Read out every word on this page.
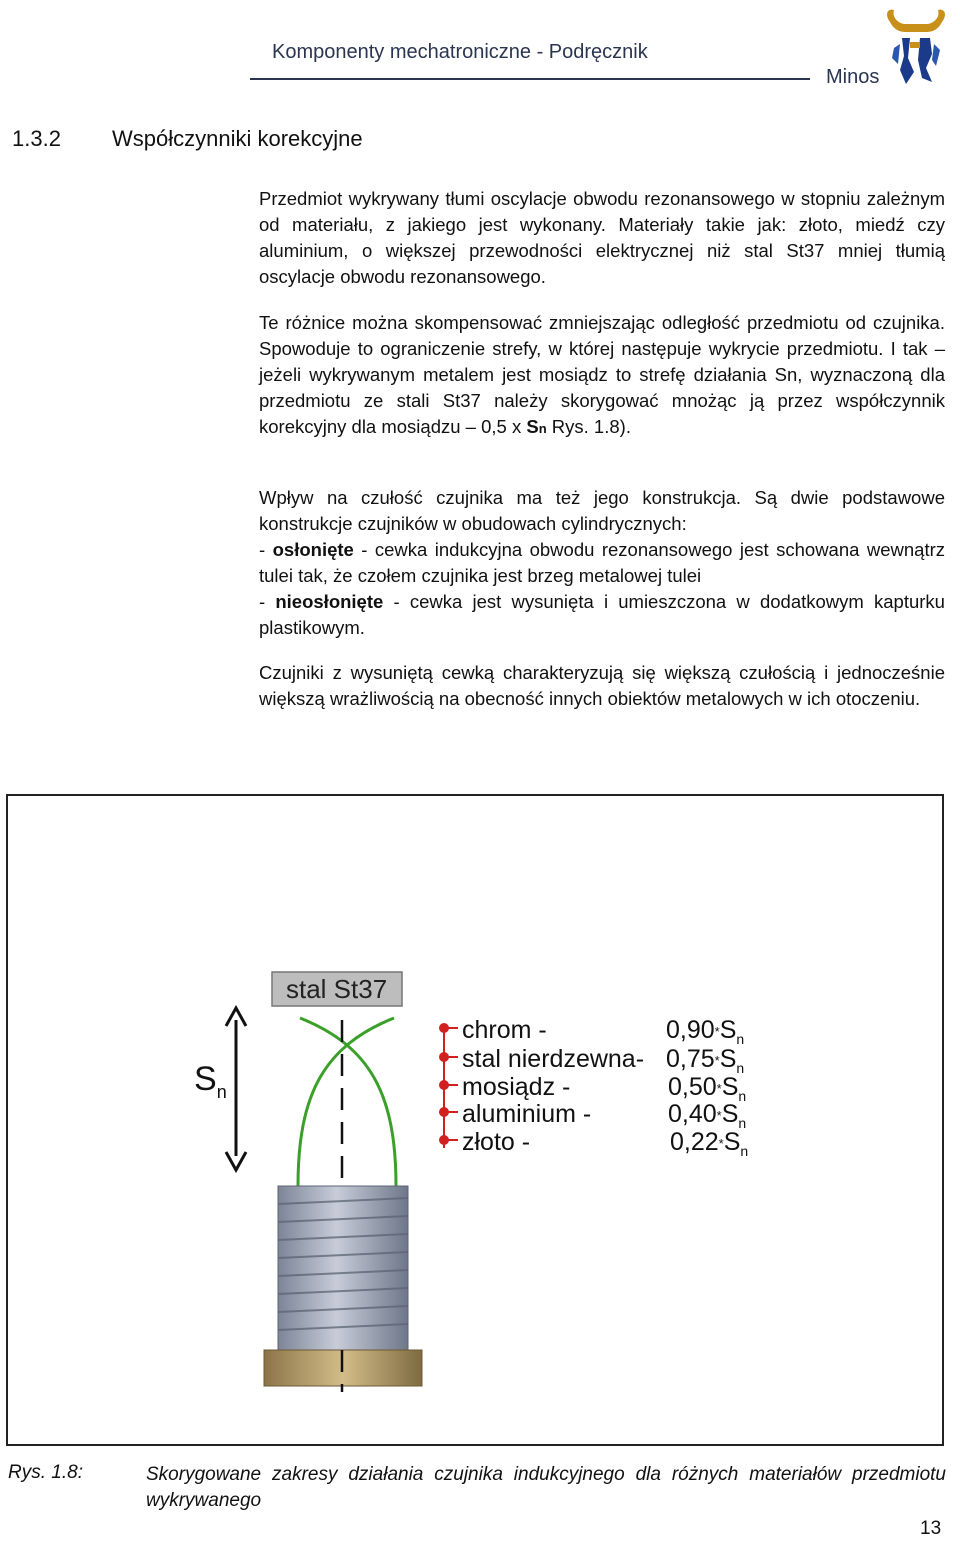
Komponenty mechatroniczne - Podręcznik
Minos
1.3.2 Współczynniki korekcyjne
Przedmiot wykrywany tłumi oscylacje obwodu rezonansowego w stopniu zależnym od materiału, z jakiego jest wykonany. Materiały takie jak: złoto, miedź czy aluminium, o większej przewodności elektrycznej niż stal St37 mniej tłumią oscylacje obwodu rezonansowego.
Te różnice można skompensować zmniejszając odległość przedmiotu od czujnika. Spowoduje to ograniczenie strefy, w której następuje wykrycie przedmiotu. I tak – jeżeli wykrywanym metalem jest mosiądz to strefę działania Sn, wyznaczoną dla przedmiotu ze stali St37 należy skorygować mnożąc ją przez współczynnik korekcyjny dla mosiądzu – 0,5 x Sn Rys. 1.8).
Wpływ na czułość czujnika ma też jego konstrukcja. Są dwie podstawowe konstrukcje czujników w obudowach cylindrycznych:
- osłonięte - cewka indukcyjna obwodu rezonansowego jest schowana wewnątrz tulei tak, że czołem czujnika jest brzeg metalowej tulei
- nieosłonięte - cewka jest wysunięta i umieszczona w dodatkowym kapturku plastikowym.
Czujniki z wysuniętą cewką charakteryzują się większą czułością i jednocześnie większą wrażliwością na obecność innych obiektów metalowych w ich otoczeniu.
stal St37
$S_n$
chrom -
stal nierdzewna-
mosiądz -
aluminium -
złoto -
$0,90*S_n$
$0,75*S_n$
$0,50*S_n$
$0,40*S_n$
$0,22*S_n$
Rys. 1.8:	Skorygowane zakresy działania czujnika indukcyjnego dla różnych materiałów przedmiotu wykrywanego
13
